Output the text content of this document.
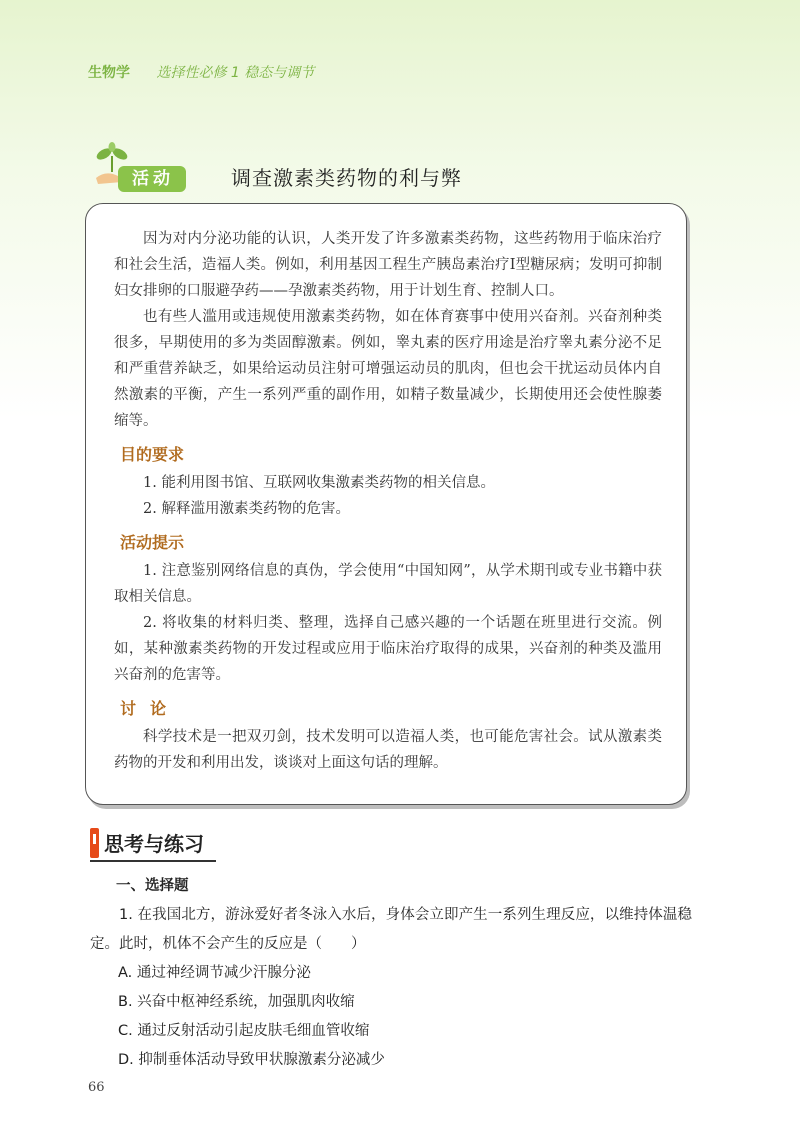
生物学 选择性必修 1 稳态与调节
活动	调查激素类药物的利与弊

因为对内分泌功能的认识，人类开发了许多激素类药物，这些药物用于临床治疗和社会生活，造福人类。例如，利用基因工程生产胰岛素治疗Ⅰ型糖尿病；发明可抑制妇女排卵的口服避孕药——孕激素类药物，用于计划生育、控制人口。

也有些人滥用或违规使用激素类药物，如在体育赛事中使用兴奋剂。兴奋剂种类很多，早期使用的多为类固醇激素。例如，睾丸素的医疗用途是治疗睾丸素分泌不足和严重营养缺乏，如果给运动员注射可增强运动员的肌肉，但也会干扰运动员体内自然激素的平衡，产生一系列严重的副作用，如精子数量减少，长期使用还会使性腺萎缩等。

目的要求

1. 能利用图书馆、互联网收集激素类药物的相关信息。

2. 解释滥用激素类药物的危害。

活动提示

1. 注意鉴别网络信息的真伪，学会使用“中国知网”，从学术期刊或专业书籍中获取相关信息。

2. 将收集的材料归类、整理，选择自己感兴趣的一个话题在班里进行交流。例如，某种激素类药物的开发过程或应用于临床治疗取得的成果，兴奋剂的种类及滥用兴奋剂的危害等。

讨论

科学技术是一把双刃剑，技术发明可以造福人类，也可能危害社会。试从激素类药物的开发和利用出发，谈谈对上面这句话的理解。

思考与练习
一、选择题
1. 在我国北方，游泳爱好者冬泳入水后，身体会立即产生一系列生理反应，以维持体温稳定。此时，机体不会产生的反应是（　　）
A. 通过神经调节减少汗腺分泌
B. 兴奋中枢神经系统，加强肌肉收缩
C. 通过反射活动引起皮肤毛细血管收缩
D. 抑制垂体活动导致甲状腺激素分泌减少
66
